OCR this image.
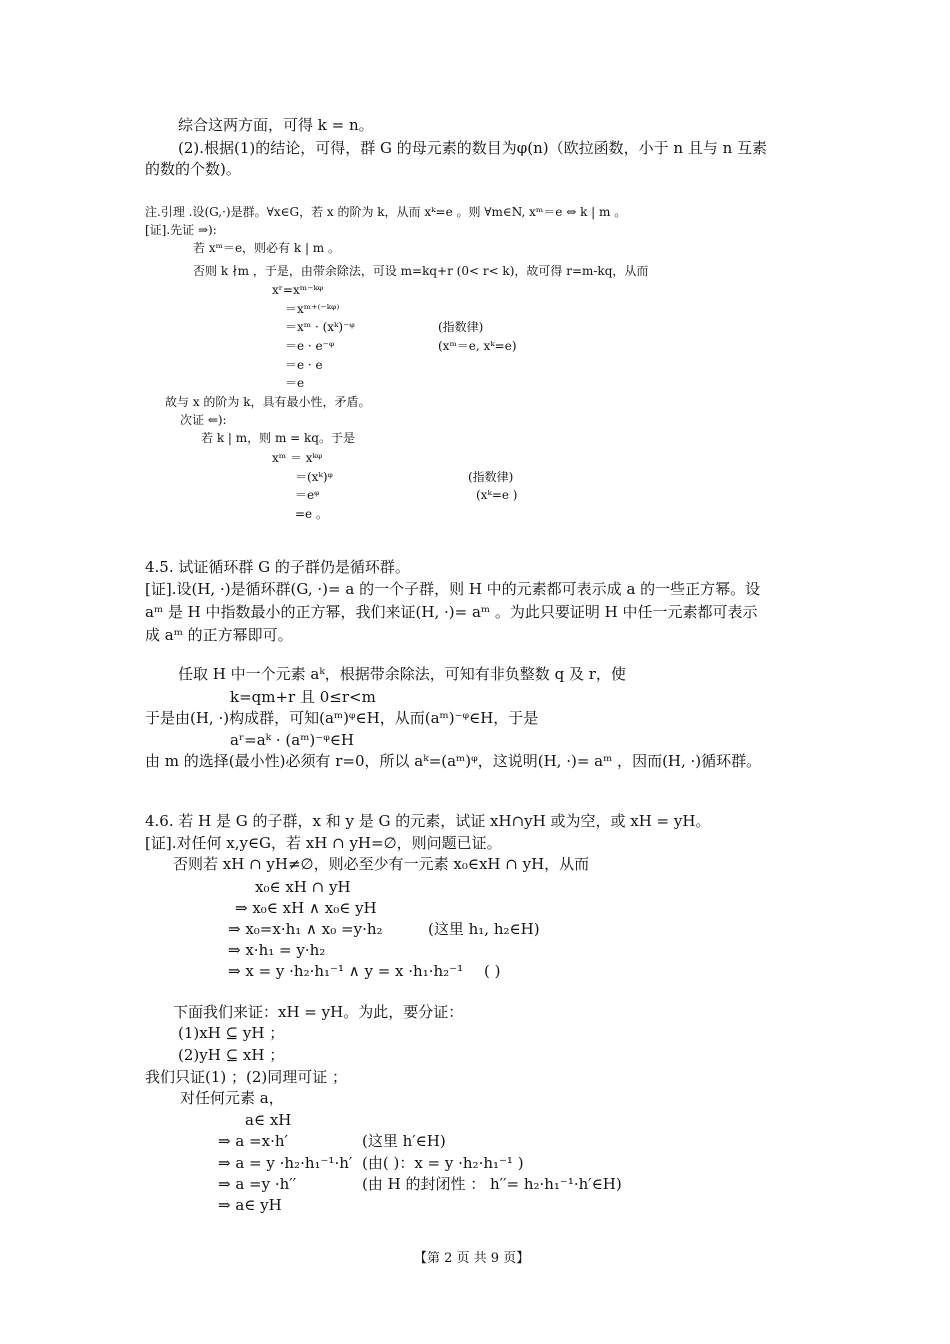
综合这两方面，可得 k = n。
(2).根据(1)的结论，可得，群 G 的母元素的数目为φ(n)（欧拉函数，小于 n 且与 n 互素
的数的个数)。
注.引理 .设(G,·)是群。∀x∈G，若 x 的阶为 k，从而 xᵏ=e 。则 ∀m∈N, xᵐ＝e ⇔ k | m 。
[证].先证 ⇒):
若 xᵐ＝e，则必有 k | m 。
否则 k ∤m ，于是，由带余除法，可设 m=kq+r (0< r< k)，故可得 r=m-kq，从而
xʳ=xᵐ⁻ᵏᵠ
＝xᵐ⁺⁽⁻ᵏᵠ⁾
＝xᵐ · (xᵏ)⁻ᵠ	(指数律)
＝e · e⁻ᵠ	(xᵐ＝e, xᵏ=e)
＝e · e
＝e
故与 x 的阶为 k，具有最小性，矛盾。
次证 ⇐):
若 k | m，则 m = kq。于是
xᵐ ＝ xᵏᵠ
＝(xᵏ)ᵠ	(指数律)
＝eᵠ	(xᵏ=e )
=e 。
4.5. 试证循环群 G 的子群仍是循环群。
[证].设(H, ·)是循环群(G, ·)= a 的一个子群，则 H 中的元素都可表示成 a 的一些正方幂。设
aᵐ 是 H 中指数最小的正方幂，我们来证(H, ·)= aᵐ 。为此只要证明 H 中任一元素都可表示
成 aᵐ 的正方幂即可。
任取 H 中一个元素 aᵏ，根据带余除法，可知有非负整数 q 及 r，使
k=qm+r 且 0≤r<m
于是由(H, ·)构成群，可知(aᵐ)ᵠ∈H，从而(aᵐ)⁻ᵠ∈H，于是
aʳ=aᵏ · (aᵐ)⁻ᵠ∈H
由 m 的选择(最小性)必须有 r=0，所以 aᵏ=(aᵐ)ᵠ，这说明(H, ·)= aᵐ ，因而(H, ·)循环群。
4.6. 若 H 是 G 的子群，x 和 y 是 G 的元素，试证 xH∩yH 或为空，或 xH = yH。
[证].对任何 x,y∈G，若 xH ∩ yH=∅，则问题已证。
否则若 xH ∩ yH≠∅，则必至少有一元素 x₀∈xH ∩ yH，从而
x₀∈ xH ∩ yH
⇒ x₀∈ xH ∧ x₀∈ yH
⇒ x₀=x·h₁ ∧ x₀ =y·h₂	(这里 h₁, h₂∈H)
⇒ x·h₁ = y·h₂
⇒ x = y ·h₂·h₁⁻¹ ∧ y = x ·h₁·h₂⁻¹ ( )
下面我们来证：xH = yH。为此，要分证：
(1)xH ⊆ yH ；
(2)yH ⊆ xH ；
我们只证(1) ；(2)同理可证 ；
对任何元素 a，
a∈ xH
⇒ a =x·h′	(这里 h′∈H)
⇒ a = y ·h₂·h₁⁻¹·h′ (由( )：x = y ·h₂·h₁⁻¹ )
⇒ a =y ·h′′	(由 H 的封闭性 ： h′′= h₂·h₁⁻¹·h′∈H)
⇒ a∈ yH
【第 2 页 共 9 页】
